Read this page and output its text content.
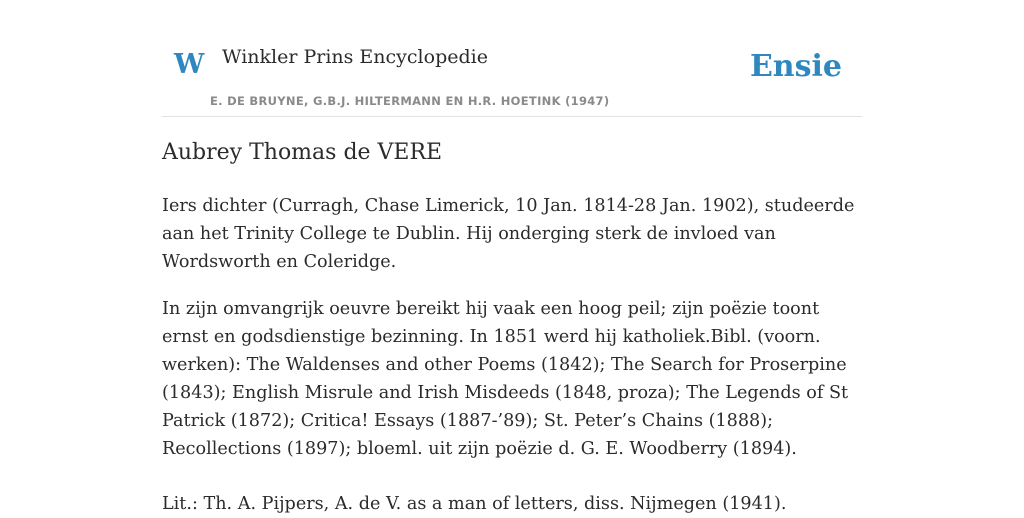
W Winkler Prins Encyclopedie
E. DE BRUYNE, G.B.J. HILTERMANN EN H.R. HOETINK (1947)
Ensie
Aubrey Thomas de VERE

Iers dichter (Curragh, Chase Limerick, 10 Jan. 1814-28 Jan. 1902), studeerde aan het Trinity College te Dublin. Hij onderging sterk de invloed van Wordsworth en Coleridge.

In zijn omvangrijk oeuvre bereikt hij vaak een hoog peil; zijn poëzie toont ernst en godsdienstige bezinning. In 1851 werd hij katholiek.Bibl. (voorn. werken): The Waldenses and other Poems (1842); The Search for Proserpine (1843); English Misrule and Irish Misdeeds (1848, proza); The Legends of St Patrick (1872); Critica! Essays (1887-’89); St. Peter’s Chains (1888); Recollections (1897); bloeml. uit zijn poëzie d. G. E. Woodberry (1894).

Lit.: Th. A. Pijpers, A. de V. as a man of letters, diss. Nijmegen (1941).
